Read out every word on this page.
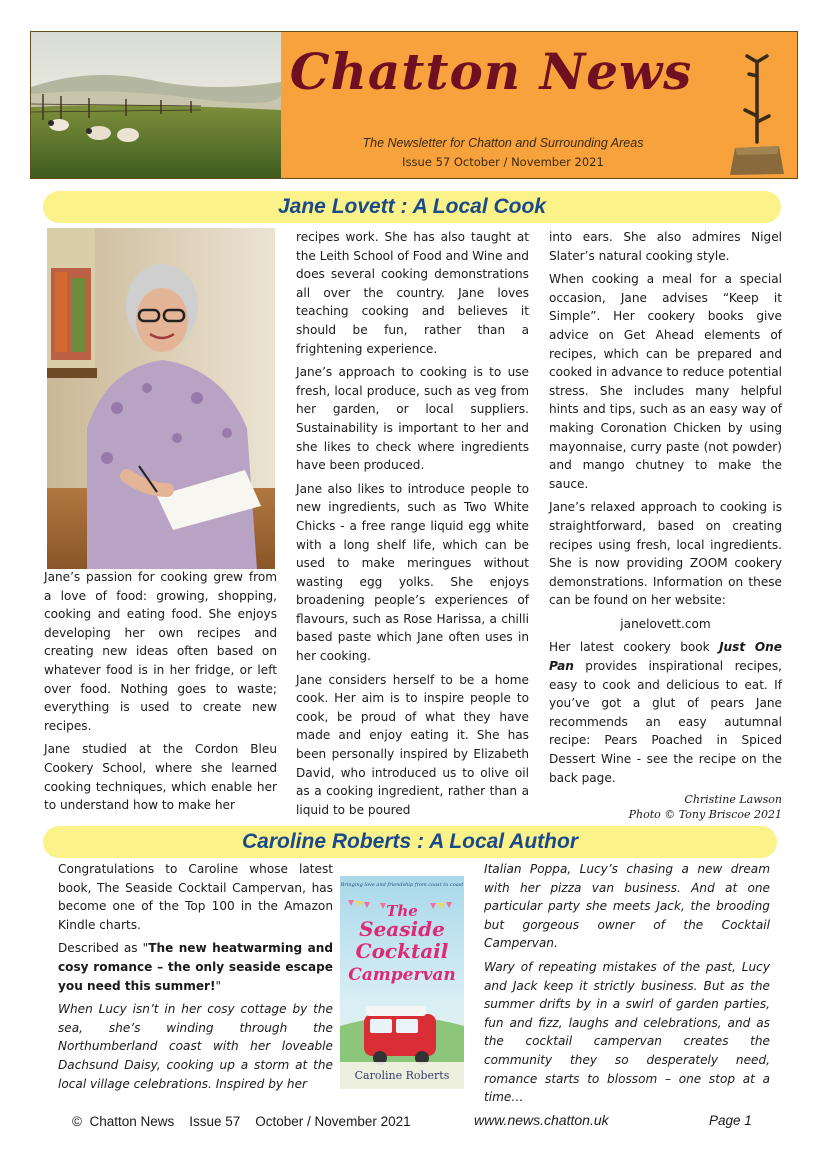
Chatton News
The Newsletter for Chatton and Surrounding Areas
Issue 57 October / November 2021
Jane Lovett : A Local Cook

Jane’s passion for cooking grew from a love of food: growing, shopping, cooking and eating food. She enjoys developing her own recipes and creating new ideas often based on whatever food is in her fridge, or left over food. Nothing goes to waste; everything is used to create new recipes.

Jane studied at the Cordon Bleu Cookery School, where she learned cooking techniques, which enable her to understand how to make her

recipes work. She has also taught at the Leith School of Food and Wine and does several cooking demonstrations all over the country. Jane loves teaching cooking and believes it should be fun, rather than a frightening experience.

Jane’s approach to cooking is to use fresh, local produce, such as veg from her garden, or local suppliers. Sustainability is important to her and she likes to check where ingredients have been produced.

Jane also likes to introduce people to new ingredients, such as Two White Chicks - a free range liquid egg white with a long shelf life, which can be used to make meringues without wasting egg yolks. She enjoys broadening people’s experiences of flavours, such as Rose Harissa, a chilli based paste which Jane often uses in her cooking.

Jane considers herself to be a home cook. Her aim is to inspire people to cook, be proud of what they have made and enjoy eating it. She has been personally inspired by Elizabeth David, who introduced us to olive oil as a cooking ingredient, rather than a liquid to be poured

into ears. She also admires Nigel Slater’s natural cooking style.

When cooking a meal for a special occasion, Jane advises “Keep it Simple”. Her cookery books give advice on Get Ahead elements of recipes, which can be prepared and cooked in advance to reduce potential stress. She includes many helpful hints and tips, such as an easy way of making Coronation Chicken by using mayonnaise, curry paste (not powder) and mango chutney to make the sauce.

Jane’s relaxed approach to cooking is straightforward, based on creating recipes using fresh, local ingredients. She is now providing ZOOM cookery demonstrations. Information on these can be found on her website:

janelovett.com

Her latest cookery book Just One Pan provides inspirational recipes, easy to cook and delicious to eat. If you’ve got a glut of pears Jane recommends an easy autumnal recipe: Pears Poached in Spiced Dessert Wine - see the recipe on the back page.

Christine Lawson

Photo © Tony Briscoe 2021

Caroline Roberts : A Local Author

Congratulations to Caroline whose latest book, The Seaside Cocktail Campervan, has become one of the Top 100 in the Amazon Kindle charts.

Described as "The new heatwarming and cosy romance – the only seaside escape you need this summer!"

When Lucy isn’t in her cosy cottage by the sea, she’s winding through the Northumberland coast with her loveable Dachsund Daisy, cooking up a storm at the local village celebrations. Inspired by her

Bringing love and friendship from coast to coast
The
Seaside
Cocktail
Campervan
Caroline Roberts

Italian Poppa, Lucy’s chasing a new dream with her pizza van business. And at one particular party she meets Jack, the brooding but gorgeous owner of the Cocktail Campervan.

Wary of repeating mistakes of the past, Lucy and Jack keep it strictly business. But as the summer drifts by in a swirl of garden parties, fun and fizz, laughs and celebrations, and as the cocktail campervan creates the community they so desperately need, romance starts to blossom – one stop at a time…

©  Chatton News    Issue 57    October / November 2021	www.news.chatton.uk	Page 1
